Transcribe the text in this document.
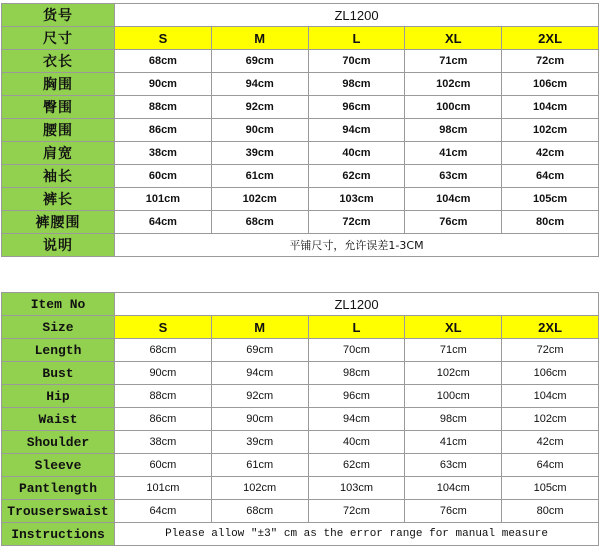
货号	ZL1200				
尺寸	S	M	L	XL	2XL
衣长	68cm	69cm	70cm	71cm	72cm
胸围	90cm	94cm	98cm	102cm	106cm
臀围	88cm	92cm	96cm	100cm	104cm
腰围	86cm	90cm	94cm	98cm	102cm
肩宽	38cm	39cm	40cm	41cm	42cm
袖长	60cm	61cm	62cm	63cm	64cm
裤长	101cm	102cm	103cm	104cm	105cm
裤腰围	64cm	68cm	72cm	76cm	80cm
说明	平铺尺寸，允许误差1-3CM				
Item No	ZL1200				
Size	S	M	L	XL	2XL
Length	68cm	69cm	70cm	71cm	72cm
Bust	90cm	94cm	98cm	102cm	106cm
Hip	88cm	92cm	96cm	100cm	104cm
Waist	86cm	90cm	94cm	98cm	102cm
Shoulder	38cm	39cm	40cm	41cm	42cm
Sleeve	60cm	61cm	62cm	63cm	64cm
Pantlength	101cm	102cm	103cm	104cm	105cm
Trouserswaist	64cm	68cm	72cm	76cm	80cm
Instructions	Please allow "±3" cm as the error range for manual measure				
